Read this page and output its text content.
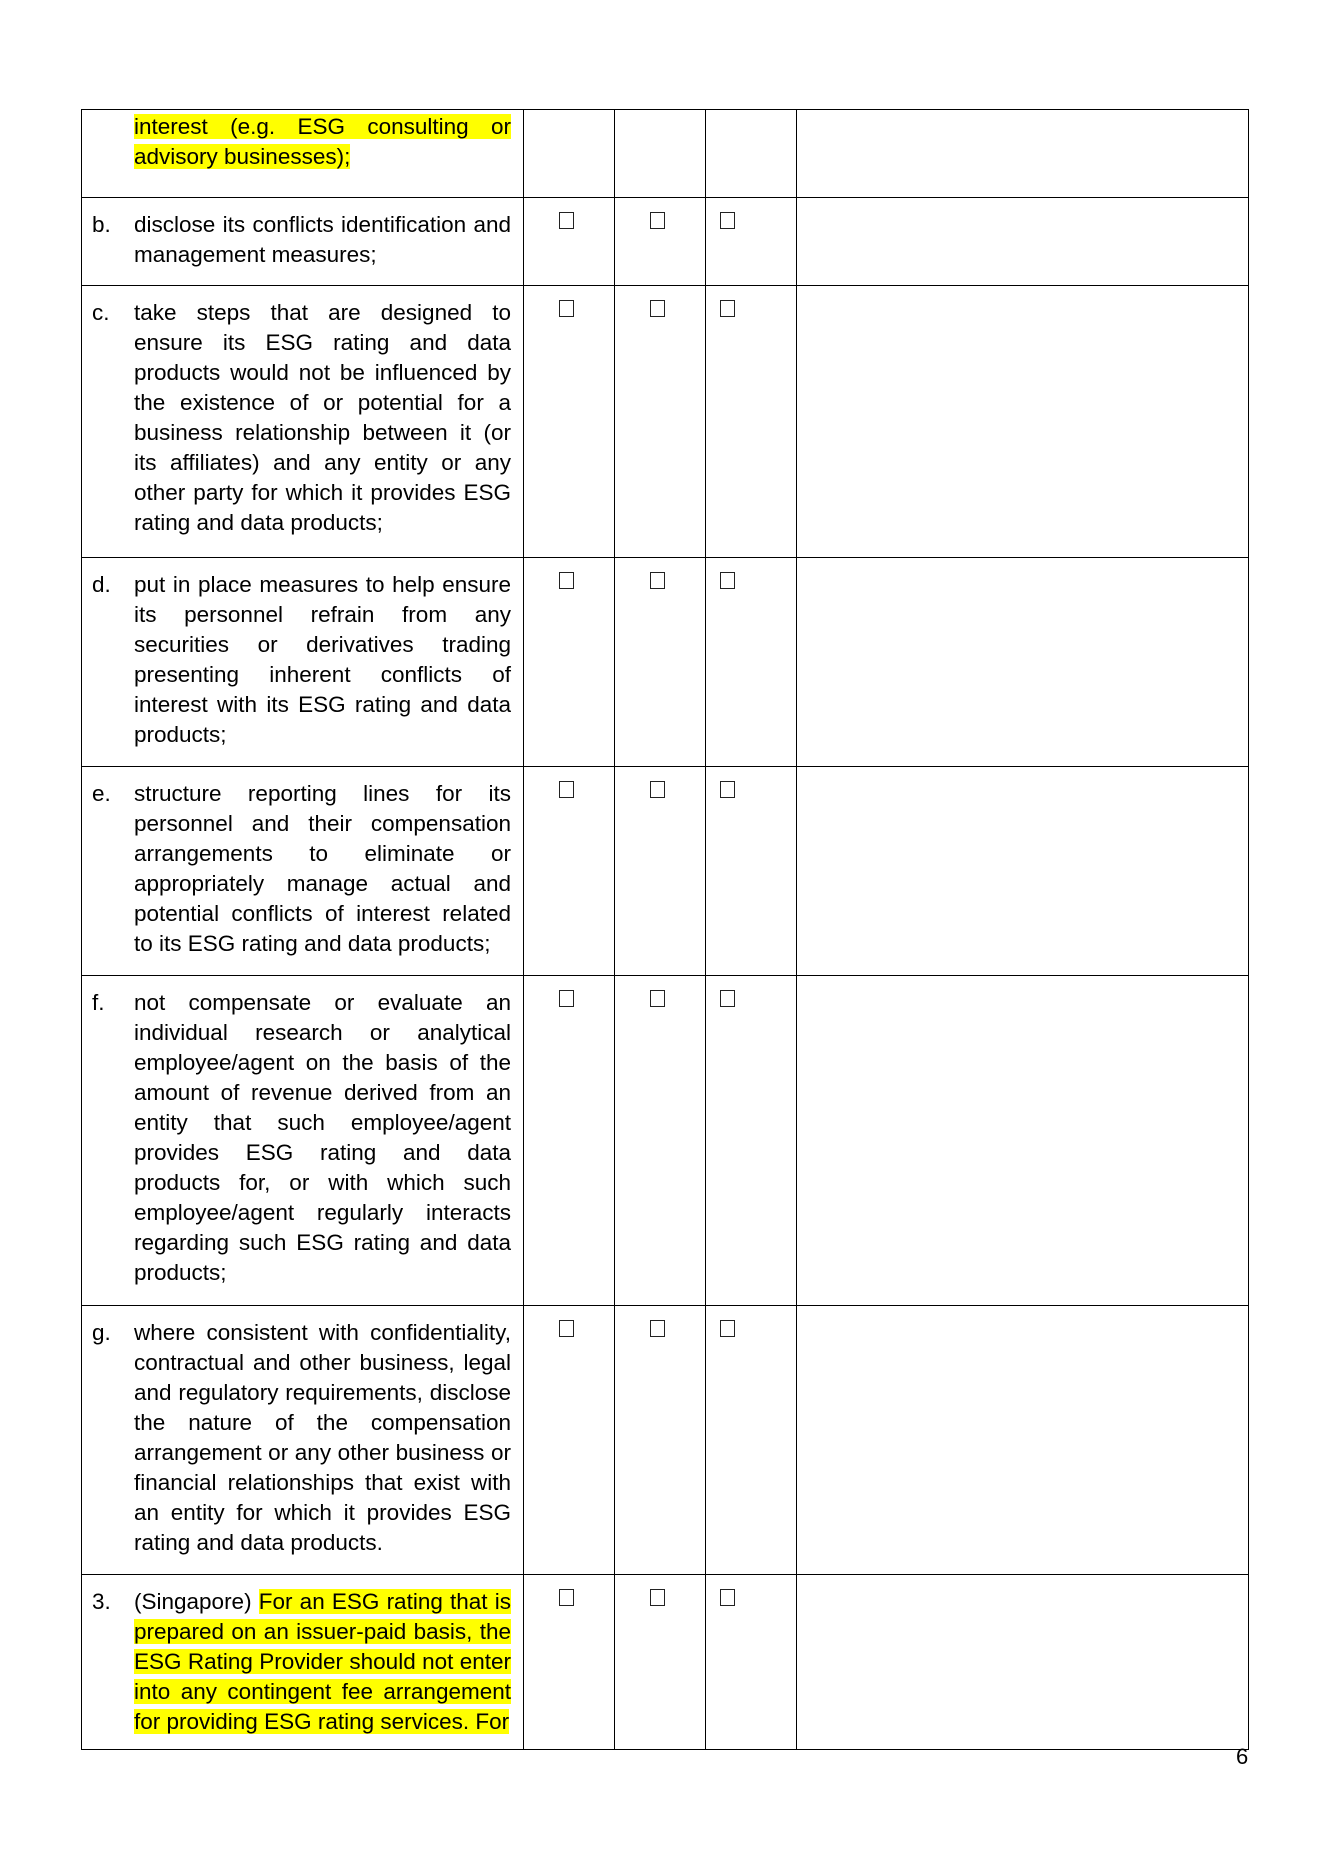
interest (e.g. ESG consulting or advisory businesses);				

b. disclose its conflicts identification and management measures;				

c. take steps that are designed to ensure its ESG rating and data products would not be influenced by the existence of or potential for a business relationship between it (or its affiliates) and any entity or any other party for which it provides ESG rating and data products;				

d. put in place measures to help ensure its personnel refrain from any securities or derivatives trading presenting inherent conflicts of interest with its ESG rating and data products;				

e. structure reporting lines for its personnel and their compensation arrangements to eliminate or appropriately manage actual and potential conflicts of interest related to its ESG rating and data products;				

f. not compensate or evaluate an individual research or analytical employee/agent on the basis of the amount of revenue derived from an entity that such employee/agent provides ESG rating and data products for, or with which such employee/agent regularly interacts regarding such ESG rating and data products;				

g. where consistent with confidentiality, contractual and other business, legal and regulatory requirements, disclose the nature of the compensation arrangement or any other business or financial relationships that exist with an entity for which it provides ESG rating and data products.				

3. (Singapore) For an ESG rating that is prepared on an issuer-paid basis, the ESG Rating Provider should not enter into any contingent fee arrangement for providing ESG rating services. For				

6
